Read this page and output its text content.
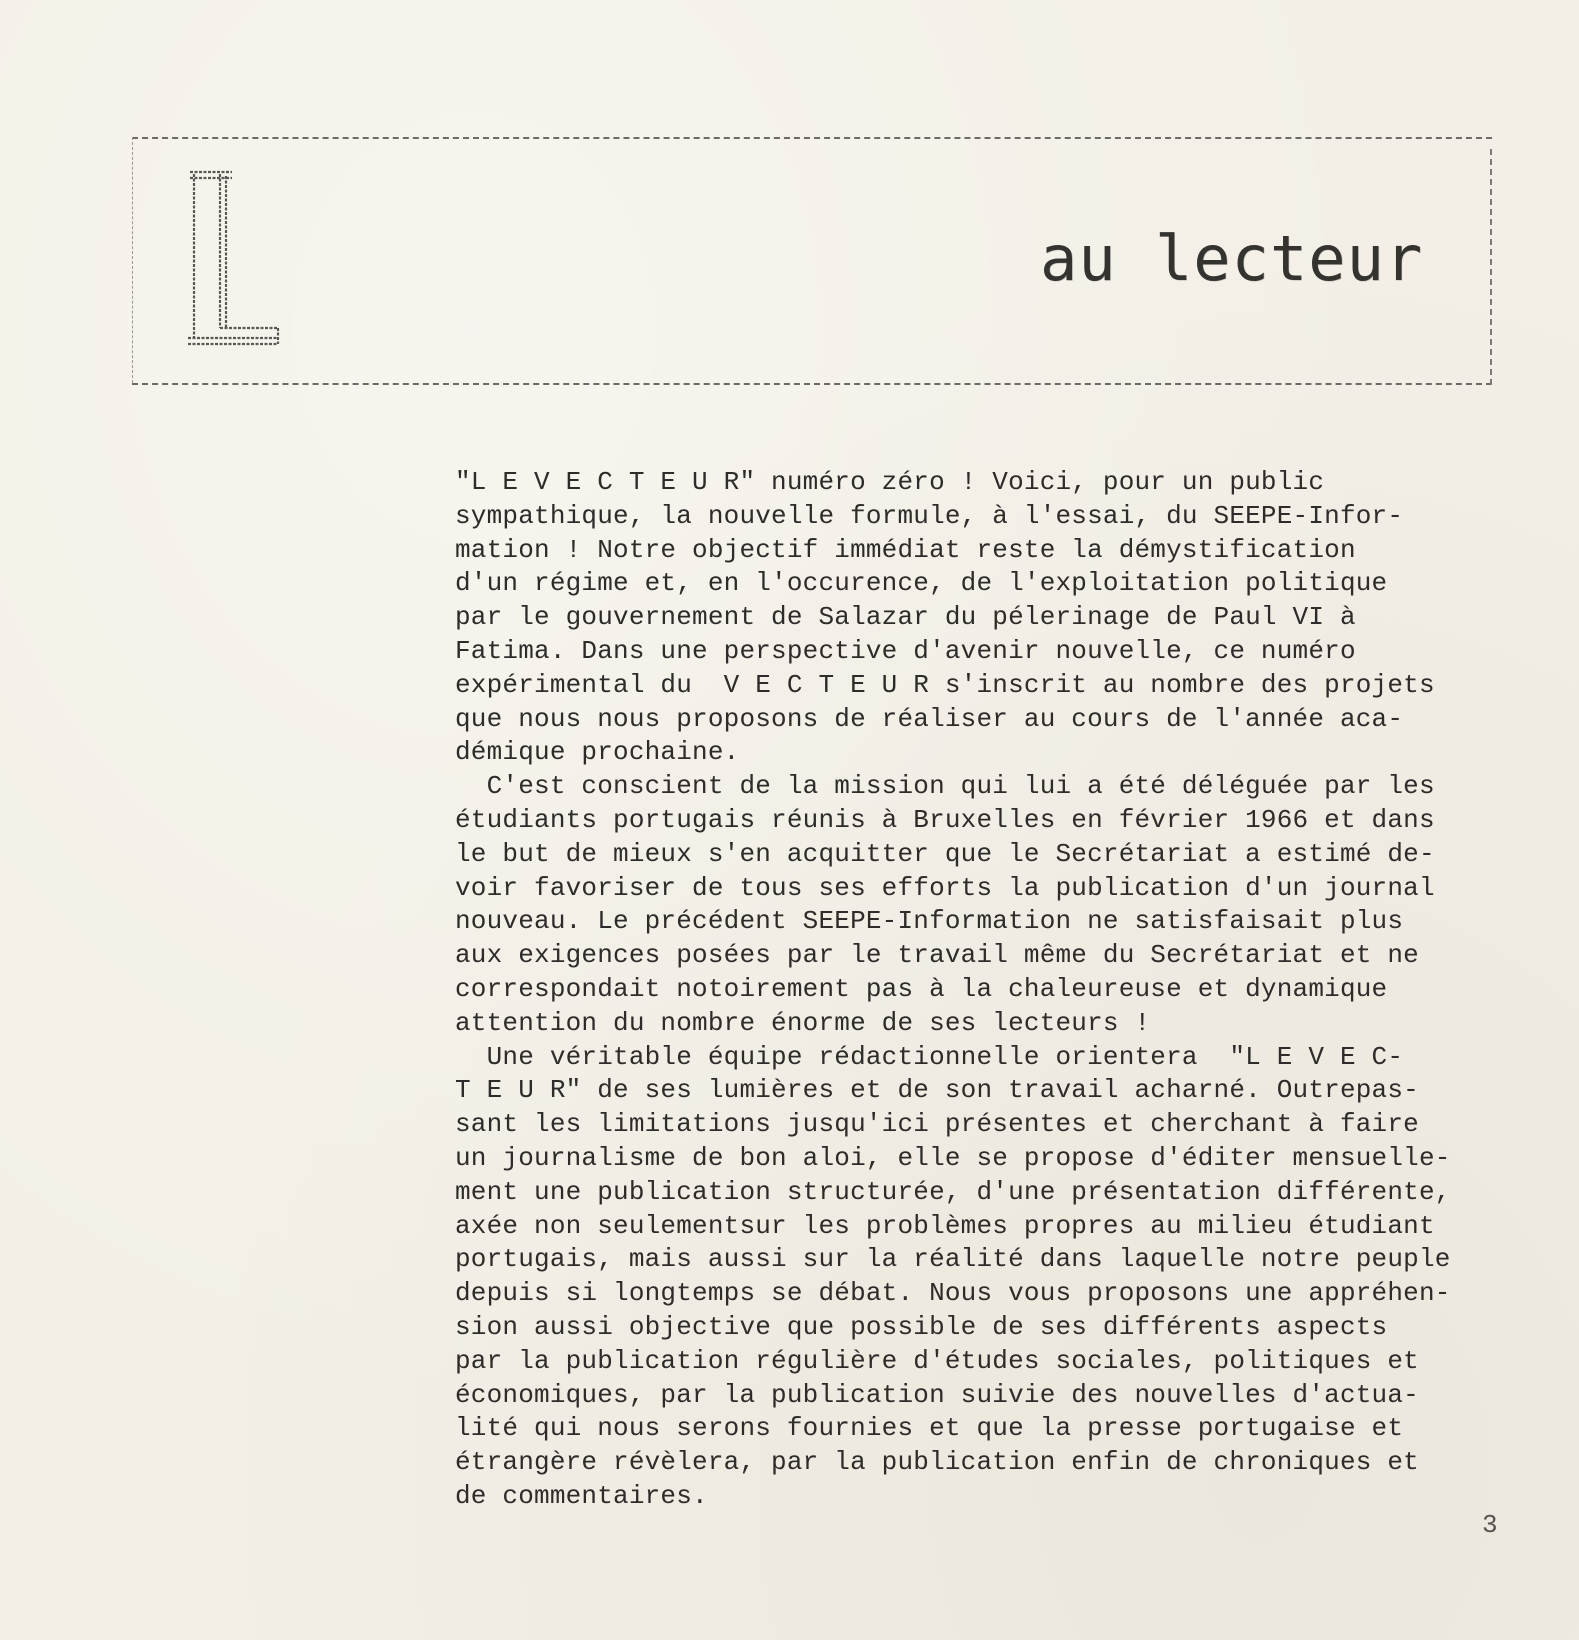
au lecteur
"L E V E C T E U R" numéro zéro ! Voici, pour un public
sympathique, la nouvelle formule, à l'essai, du SEEPE-Infor-
mation ! Notre objectif immédiat reste la démystification
d'un régime et, en l'occurence, de l'exploitation politique
par le gouvernement de Salazar du pélerinage de Paul VI à
Fatima. Dans une perspective d'avenir nouvelle, ce numéro
expérimental du  V E C T E U R s'inscrit au nombre des projets
que nous nous proposons de réaliser au cours de l'année aca-
démique prochaine.
C'est conscient de la mission qui lui a été déléguée par les
étudiants portugais réunis à Bruxelles en février 1966 et dans
le but de mieux s'en acquitter que le Secrétariat a estimé de-
voir favoriser de tous ses efforts la publication d'un journal
nouveau. Le précédent SEEPE-Information ne satisfaisait plus
aux exigences posées par le travail même du Secrétariat et ne
correspondait notoirement pas à la chaleureuse et dynamique
attention du nombre énorme de ses lecteurs !
Une véritable équipe rédactionnelle orientera  "L E V E C-
T E U R" de ses lumières et de son travail acharné. Outrepas-
sant les limitations jusqu'ici présentes et cherchant à faire
un journalisme de bon aloi, elle se propose d'éditer mensuelle-
ment une publication structurée, d'une présentation différente,
axée non seulementsur les problèmes propres au milieu étudiant
portugais, mais aussi sur la réalité dans laquelle notre peuple
depuis si longtemps se débat. Nous vous proposons une appréhen-
sion aussi objective que possible de ses différents aspects
par la publication régulière d'études sociales, politiques et
économiques, par la publication suivie des nouvelles d'actua-
lité qui nous serons fournies et que la presse portugaise et
étrangère révèlera, par la publication enfin de chroniques et
de commentaires.
3
